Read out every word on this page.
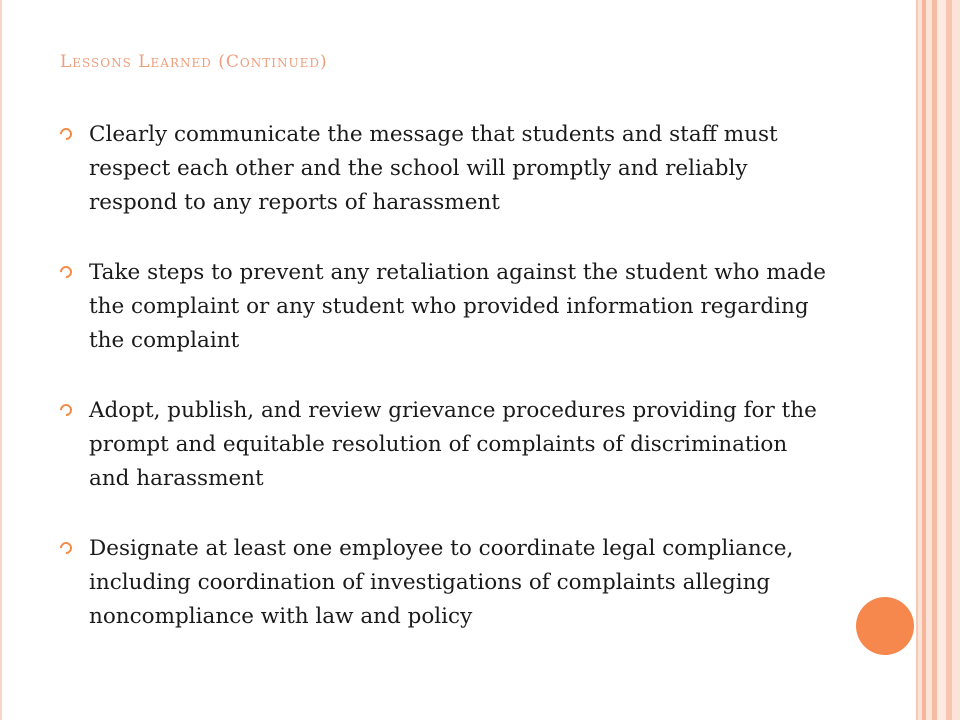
Lessons Learned (Continued)
Clearly communicate the message that students and staff must respect each other and the school will promptly and reliably respond to any reports of harassment
Take steps to prevent any retaliation against the student who made the complaint or any student who provided information regarding the complaint
Adopt, publish, and review grievance procedures providing for the prompt and equitable resolution of complaints of discrimination and harassment
Designate at least one employee to coordinate legal compliance, including coordination of investigations of complaints alleging noncompliance with law and policy
